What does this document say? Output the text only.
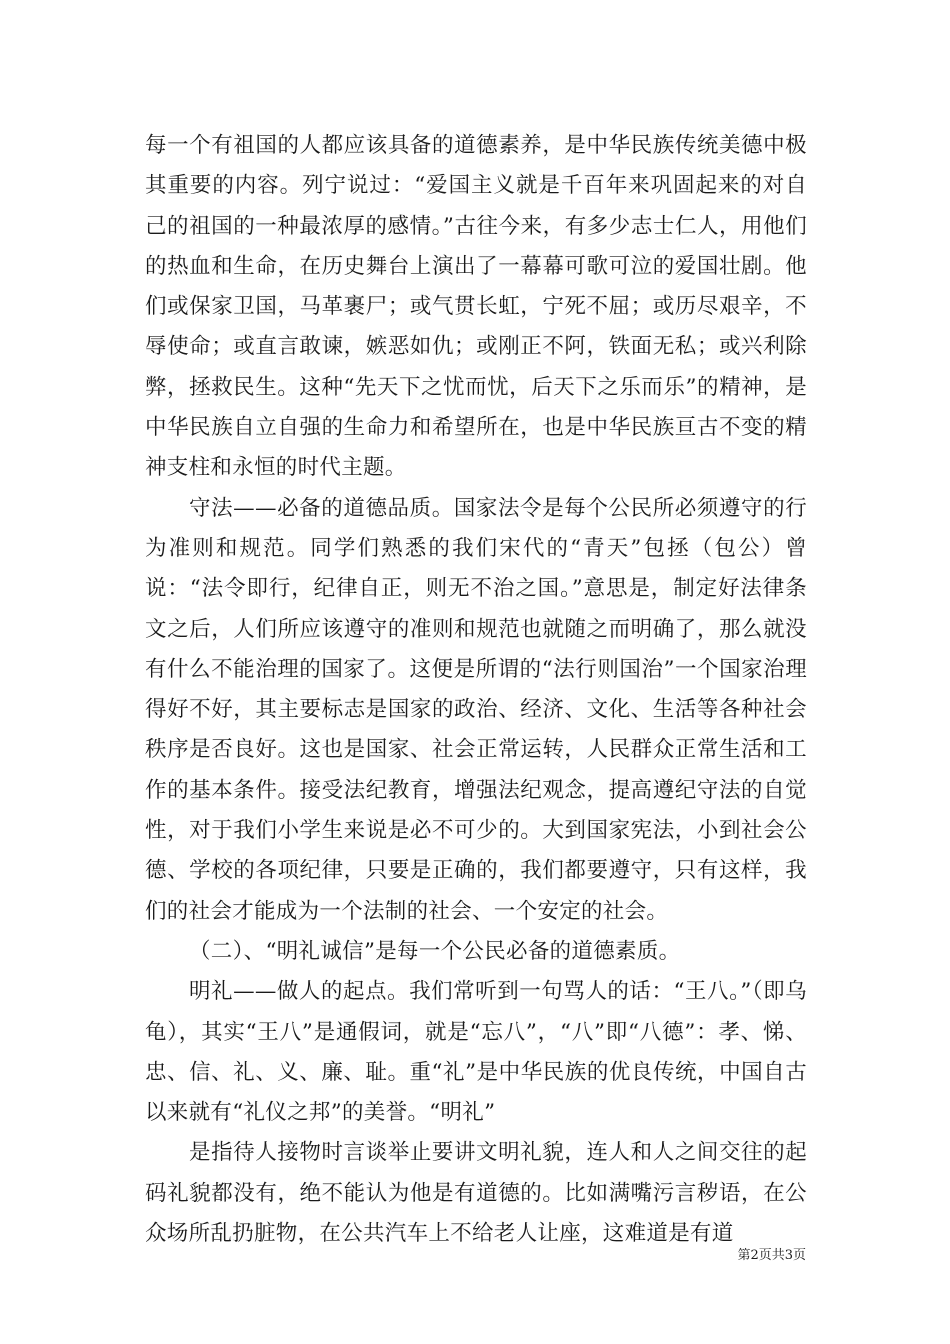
每一个有祖国的人都应该具备的道德素养，是中华民族传统美德中极其重要的内容。列宁说过：“爱国主义就是千百年来巩固起来的对自己的祖国的一种最浓厚的感情。”古往今来，有多少志士仁人，用他们的热血和生命，在历史舞台上演出了一幕幕可歌可泣的爱国壮剧。他们或保家卫国，马革裹尸；或气贯长虹，宁死不屈；或历尽艰辛，不辱使命；或直言敢谏，嫉恶如仇；或刚正不阿，铁面无私；或兴利除弊，拯救民生。这种“先天下之忧而忧，后天下之乐而乐”的精神，是中华民族自立自强的生命力和希望所在，也是中华民族亘古不变的精神支柱和永恒的时代主题。

守法——必备的道德品质。国家法令是每个公民所必须遵守的行为准则和规范。同学们熟悉的我们宋代的“青天”包拯（包公）曾说：“法令即行，纪律自正，则无不治之国。”意思是，制定好法律条文之后，人们所应该遵守的准则和规范也就随之而明确了，那么就没有什么不能治理的国家了。这便是所谓的“法行则国治”一个国家治理得好不好，其主要标志是国家的政治、经济、文化、生活等各种社会秩序是否良好。这也是国家、社会正常运转，人民群众正常生活和工作的基本条件。接受法纪教育，增强法纪观念，提高遵纪守法的自觉性，对于我们小学生来说是必不可少的。大到国家宪法，小到社会公德、学校的各项纪律，只要是正确的，我们都要遵守，只有这样，我们的社会才能成为一个法制的社会、一个安定的社会。

（二）、“明礼诚信”是每一个公民必备的道德素质。

明礼——做人的起点。我们常听到一句骂人的话：“王八。”（即乌龟），其实“王八”是通假词，就是“忘八”，“八”即“八德”：孝、悌、忠、信、礼、义、廉、耻。重“礼”是中华民族的优良传统，中国自古以来就有“礼仪之邦”的美誉。“明礼”

是指待人接物时言谈举止要讲文明礼貌，连人和人之间交往的起码礼貌都没有，绝不能认为他是有道德的。比如满嘴污言秽语，在公众场所乱扔脏物，在公共汽车上不给老人让座，这难道是有道

第2页共3页
